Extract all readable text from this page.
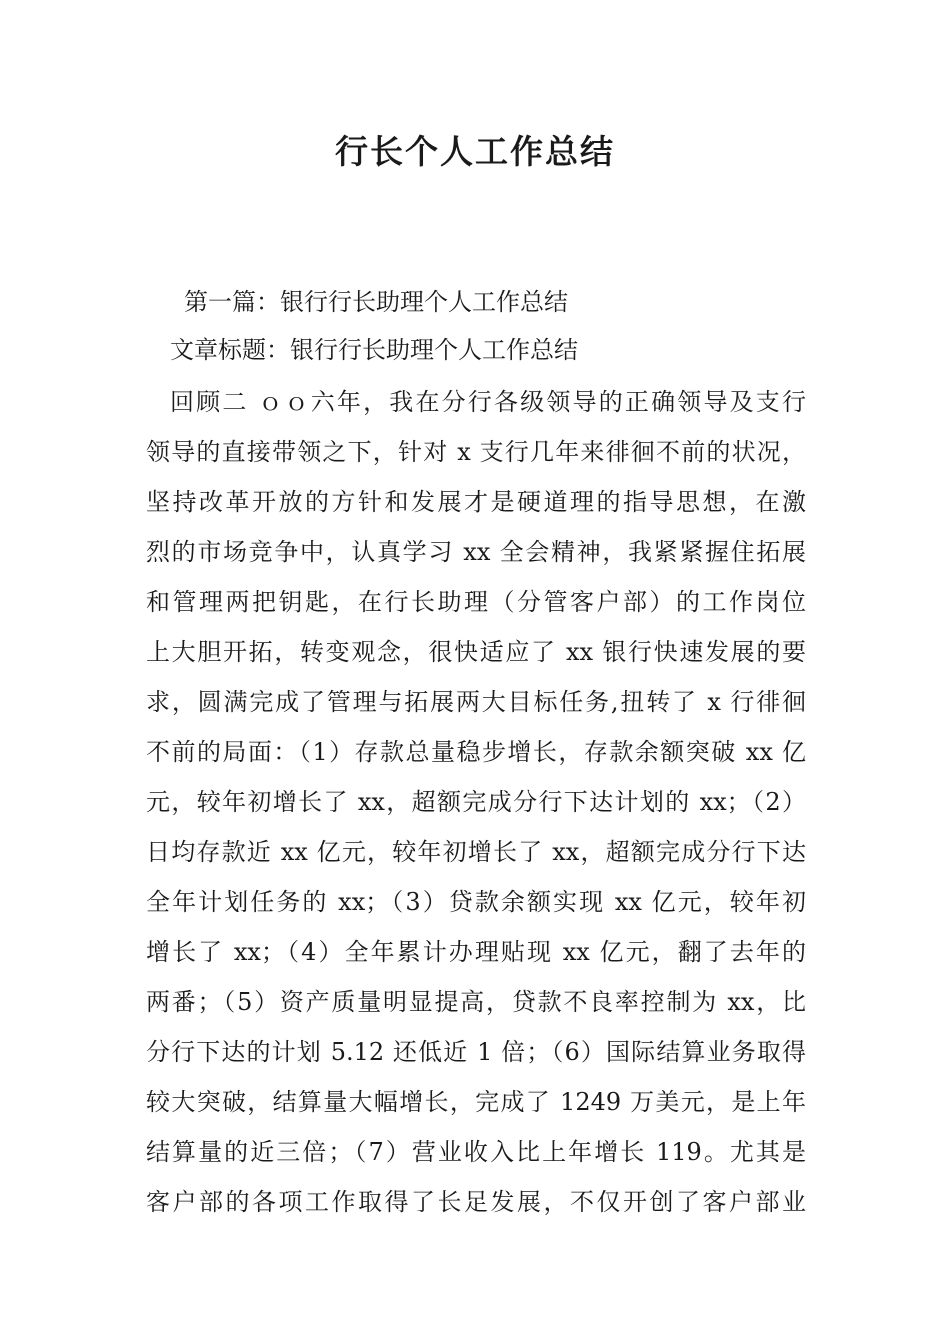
行长个人工作总结
第一篇：银行行长助理个人工作总结
文章标题：银行行长助理个人工作总结
回顾二 ｏｏ六年，我在分行各级领导的正确领导及支行
领导的直接带领之下，针对 x 支行几年来徘徊不前的状况，
坚持改革开放的方针和发展才是硬道理的指导思想，在激
烈的市场竞争中，认真学习 xx 全会精神，我紧紧握住拓展
和管理两把钥匙，在行长助理（分管客户部）的工作岗位
上大胆开拓，转变观念，很快适应了 xx 银行快速发展的要
求，圆满完成了管理与拓展两大目标任务,扭转了 x 行徘徊
不前的局面：（1）存款总量稳步增长，存款余额突破 xx 亿
元，较年初增长了 xx，超额完成分行下达计划的 xx；（2）
日均存款近 xx 亿元，较年初增长了 xx，超额完成分行下达
全年计划任务的 xx；（3）贷款余额实现 xx 亿元，较年初
增长了 xx；（4）全年累计办理贴现 xx 亿元，翻了去年的
两番；（5）资产质量明显提高，贷款不良率控制为 xx，比
分行下达的计划 5.12 还低近 1 倍；（6）国际结算业务取得
较大突破，结算量大幅增长，完成了 1249 万美元，是上年
结算量的近三倍；（7）营业收入比上年增长 119。尤其是
客户部的各项工作取得了长足发展，不仅开创了客户部业
